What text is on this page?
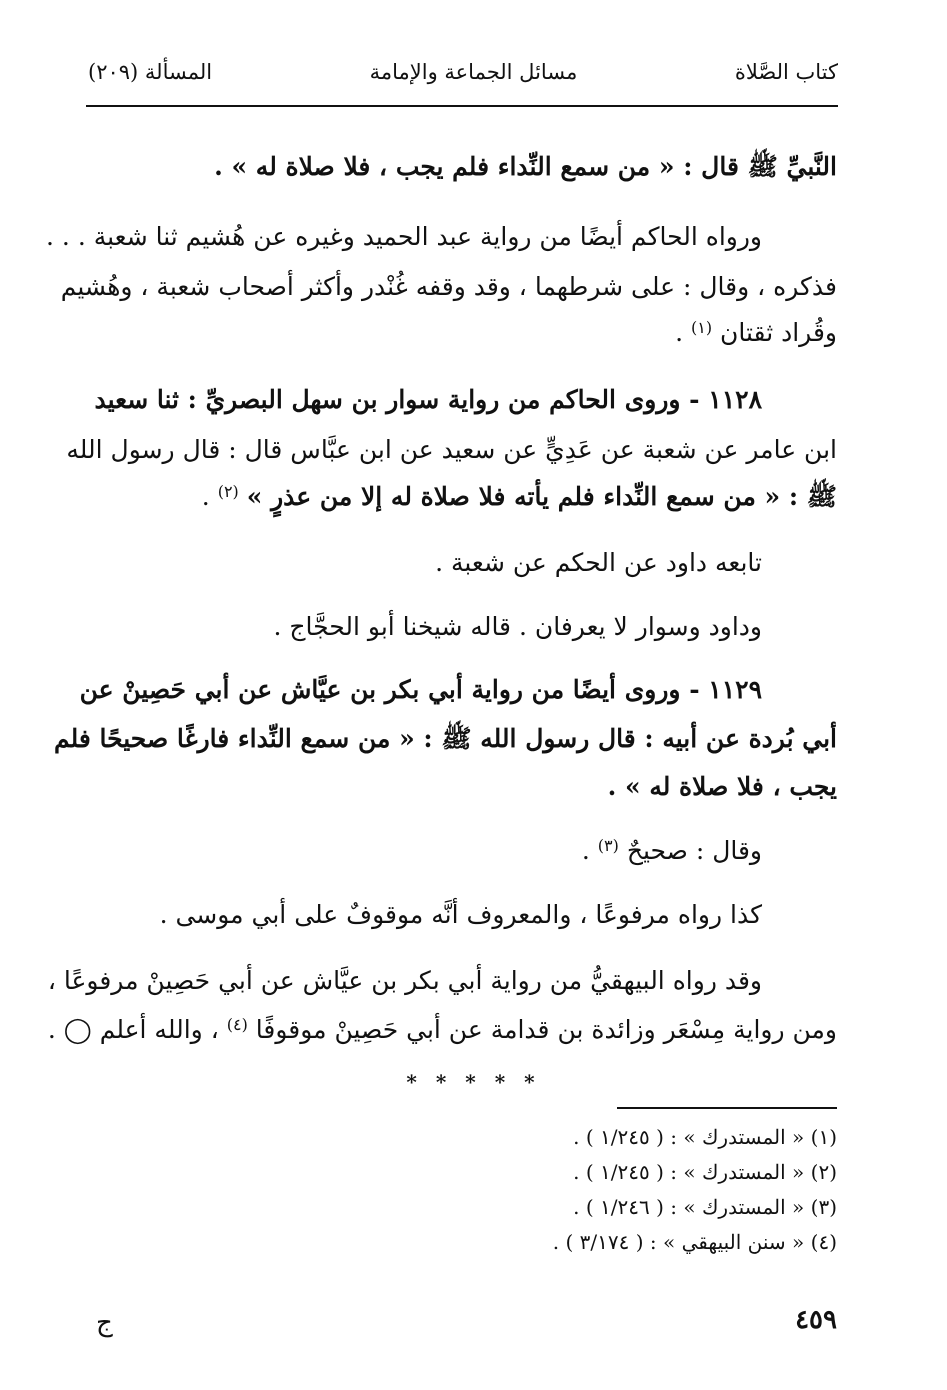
كتاب الصَّلاة
مسائل الجماعة والإمامة
المسألة (٢٠٩)
النَّبيِّ ﷺ قال : « من سمع النِّداء فلم يجب ، فلا صلاة له » .
ورواه الحاكم أيضًا من رواية عبد الحميد وغيره عن هُشيم ثنا شعبة . . .
فذكره ، وقال : على شرطهما ، وقد وقفه غُنْدر وأكثر أصحاب شعبة ، وهُشيم
وقُراد ثقتان $^{(١)}$ .
١١٢٨ - وروى الحاكم من رواية سوار بن سهل البصريِّ : ثنا سعيد
ابن عامر عن شعبة عن عَدِيٍّ عن سعيد عن ابن عبَّاس قال : قال رسول الله
ﷺ : « من سمع النِّداء فلم يأته فلا صلاة له إلا من عذرٍ » $^{(٢)}$ .
تابعه داود عن الحكم عن شعبة .
وداود وسوار لا يعرفان . قاله شيخنا أبو الحجَّاج .
١١٢٩ - وروى أيضًا من رواية أبي بكر بن عيَّاش عن أبي حَصِينْ عن
أبي بُردة عن أبيه : قال رسول الله ﷺ : « من سمع النِّداء فارغًا صحيحًا فلم
يجب ، فلا صلاة له » .
وقال : صحيحٌ $^{(٣)}$ .
كذا رواه مرفوعًا ، والمعروف أنَّه موقوفٌ على أبي موسى .
وقد رواه البيهقيُّ من رواية أبي بكر بن عيَّاش عن أبي حَصِينْ مرفوعًا ،
ومن رواية مِسْعَر وزائدة بن قدامة عن أبي حَصِينْ موقوفًا $^{(٤)}$ ، والله أعلم ◯ .
* * * * *
(١) « المستدرك » : ( ١/٢٤٥ ) .
(٢) « المستدرك » : ( ١/٢٤٥ ) .
(٣) « المستدرك » : ( ١/٢٤٦ ) .
(٤) « سنن البيهقي » : ( ٣/١٧٤ ) .
٤٥٩
ج
